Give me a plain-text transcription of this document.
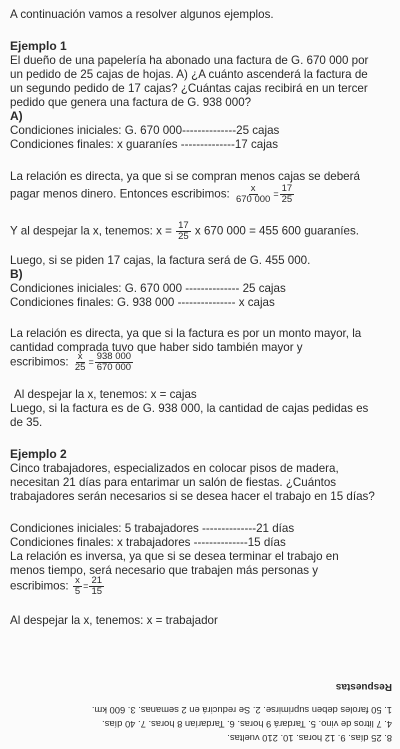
A continuación vamos a resolver algunos ejemplos.
Ejemplo 1
El dueño de una papelería ha abonado una factura de G. 670 000 por
un pedido de 25 cajas de hojas. A) ¿A cuánto ascenderá la factura de
un segundo pedido de 17 cajas? ¿Cuántas cajas recibirá en un tercer
pedido que genera una factura de G. 938 000?
A)
Condiciones iniciales: G. 670 000--------------25 cajas
Condiciones finales: x guaraníes --------------17 cajas
La relación es directa, ya que si se compran menos cajas se deberá
pagar menos dinero. Entonces escribimos: $\frac{x}{670 000} = \frac{17}{25}$
Y al despejar la x, tenemos: $x = \frac{17}{25}$ x 670 000 = 455 600 guaraníes.
Luego, si se piden 17 cajas, la factura será de G. 455 000.
B)
Condiciones iniciales: G. 670 000 -------------- 25 cajas
Condiciones finales: G. 938 000 --------------- x cajas
La relación es directa, ya que si la factura es por un monto mayor, la
cantidad comprada tuvo que haber sido también mayor y
escribimos: $\frac{x}{25} = \frac{938 000}{670 000}$
Al despejar la x, tenemos: x = cajas
Luego, si la factura es de G. 938 000, la cantidad de cajas pedidas es
de 35.
Ejemplo 2
Cinco trabajadores, especializados en colocar pisos de madera,
necesitan 21 días para entarimar un salón de fiestas. ¿Cuántos
trabajadores serán necesarios si se desea hacer el trabajo en 15 días?
Condiciones iniciales: 5 trabajadores --------------21 días
Condiciones finales: x trabajadores --------------15 días
La relación es inversa, ya que si se desea terminar el trabajo en
menos tiempo, será necesario que trabajen más personas y
escribimos: $\frac{x}{5} = \frac{21}{15}$
Al despejar la x, tenemos: x = trabajador
8. 25 días. 9. 12 horas. 10. 210 vueltas.
4. 7 litros de vino. 5. Tardará 9 horas. 6. Tardarían 8 horas. 7. 40 días.
1. 50 faroles deben suprimirse. 2. Se reducirá en 2 semanas. 3. 600 km.
Respuestas
